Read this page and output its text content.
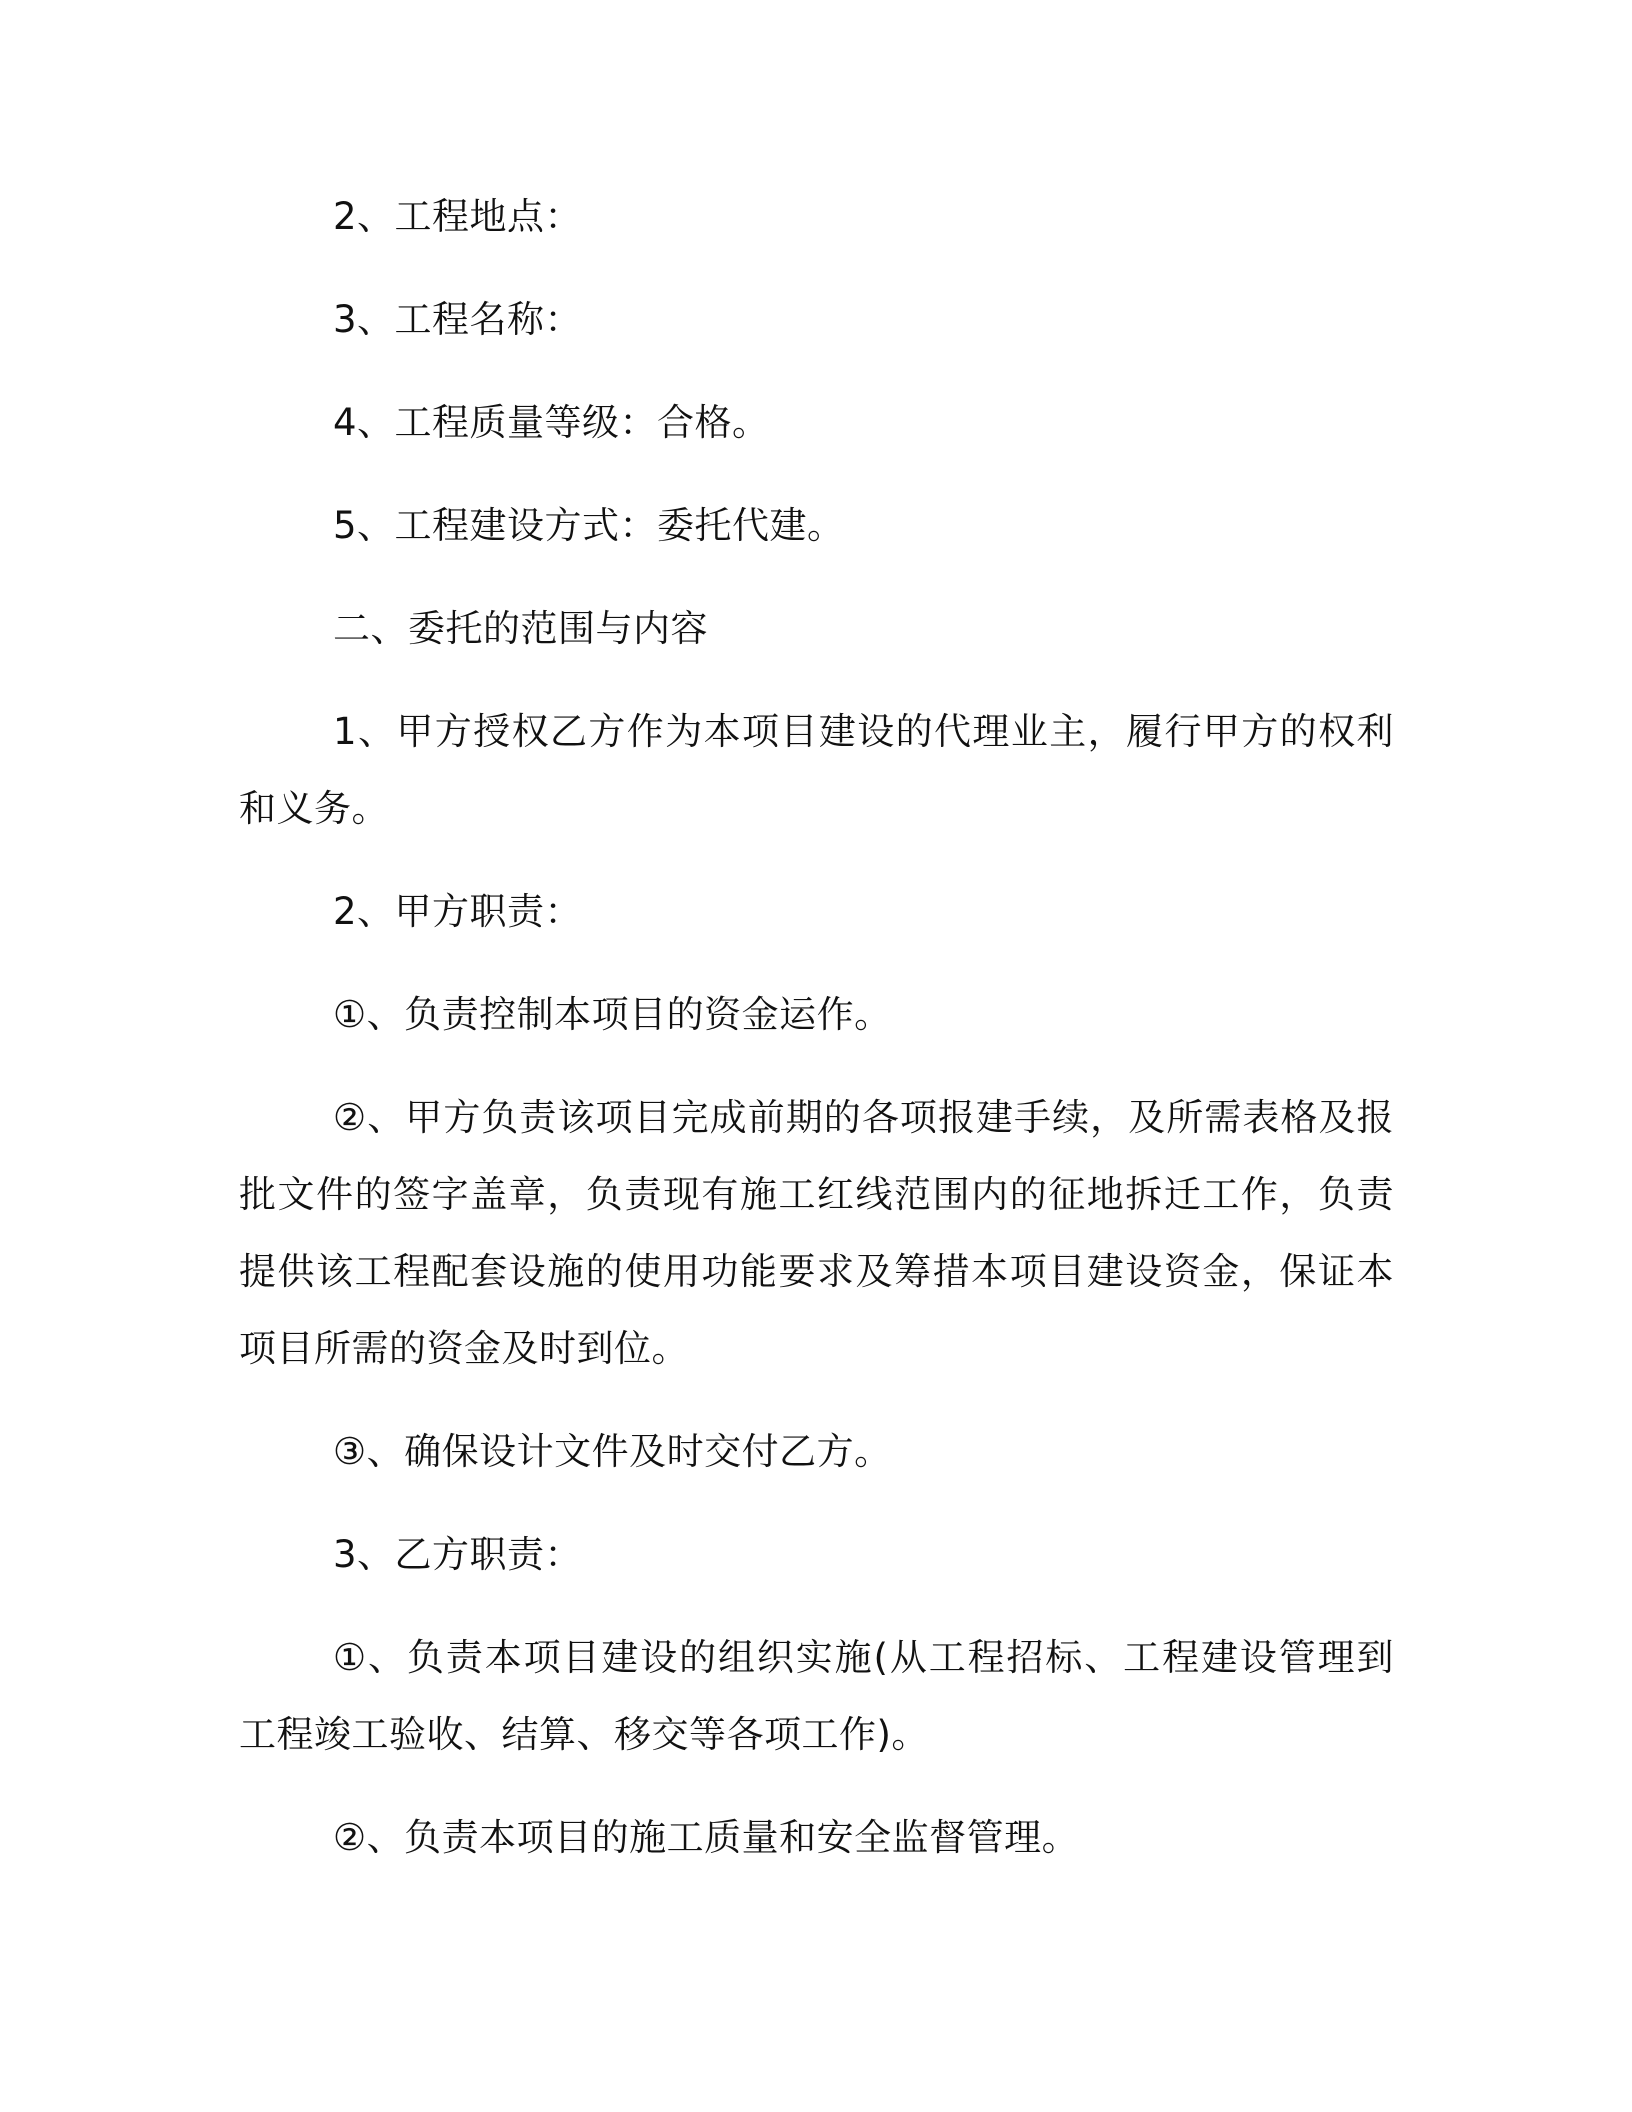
2、工程地点：

3、工程名称：

4、工程质量等级：合格。

5、工程建设方式：委托代建。

二、委托的范围与内容

1、甲方授权乙方作为本项目建设的代理业主，履行甲方的权利和义务。

2、甲方职责：

①、负责控制本项目的资金运作。

②、甲方负责该项目完成前期的各项报建手续，及所需表格及报批文件的签字盖章，负责现有施工红线范围内的征地拆迁工作，负责提供该工程配套设施的使用功能要求及筹措本项目建设资金，保证本项目所需的资金及时到位。

③、确保设计文件及时交付乙方。

3、乙方职责：

①、负责本项目建设的组织实施(从工程招标、工程建设管理到工程竣工验收、结算、移交等各项工作)。

②、负责本项目的施工质量和安全监督管理。
